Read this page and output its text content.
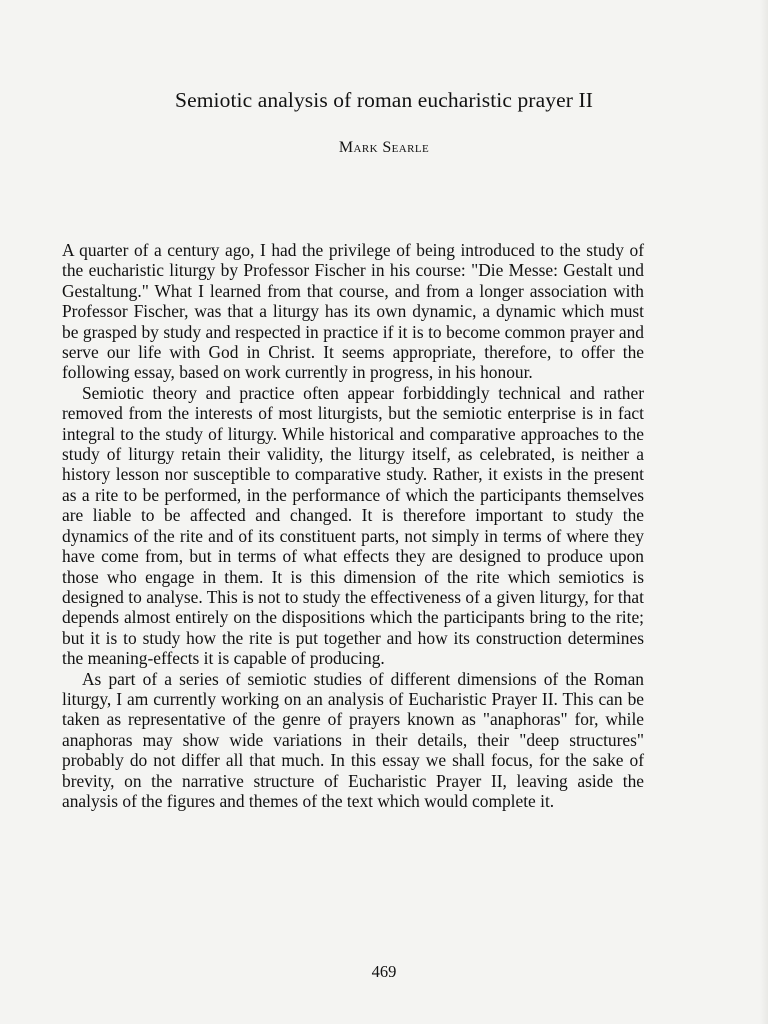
Semiotic analysis of roman eucharistic prayer II
Mark Searle

A quarter of a century ago, I had the privilege of being introduced to the study of the eucharistic liturgy by Professor Fischer in his course: "Die Messe: Gestalt und Gestaltung." What I learned from that course, and from a longer association with Professor Fischer, was that a liturgy has its own dynamic, a dynamic which must be grasped by study and respected in practice if it is to become common prayer and serve our life with God in Christ. It seems appropriate, therefore, to offer the following essay, based on work currently in progress, in his honour.

Semiotic theory and practice often appear forbiddingly technical and rather removed from the interests of most liturgists, but the semiotic enterprise is in fact integral to the study of liturgy. While historical and comparative approaches to the study of liturgy retain their validity, the liturgy itself, as celebrated, is neither a history lesson nor susceptible to comparative study. Rather, it exists in the present as a rite to be performed, in the performance of which the participants themselves are liable to be affected and changed. It is therefore important to study the dynamics of the rite and of its constituent parts, not simply in terms of where they have come from, but in terms of what effects they are designed to produce upon those who engage in them. It is this dimension of the rite which semiotics is designed to analyse. This is not to study the effectiveness of a given liturgy, for that depends almost entirely on the dispositions which the participants bring to the rite; but it is to study how the rite is put together and how its construction determines the meaning-effects it is capable of producing.

As part of a series of semiotic studies of different dimensions of the Roman liturgy, I am currently working on an analysis of Eucharistic Prayer II. This can be taken as representative of the genre of prayers known as "anaphoras" for, while anaphoras may show wide variations in their details, their "deep structures" probably do not differ all that much. In this essay we shall focus, for the sake of brevity, on the narrative structure of Eucharistic Prayer II, leaving aside the analysis of the figures and themes of the text which would complete it.

469
